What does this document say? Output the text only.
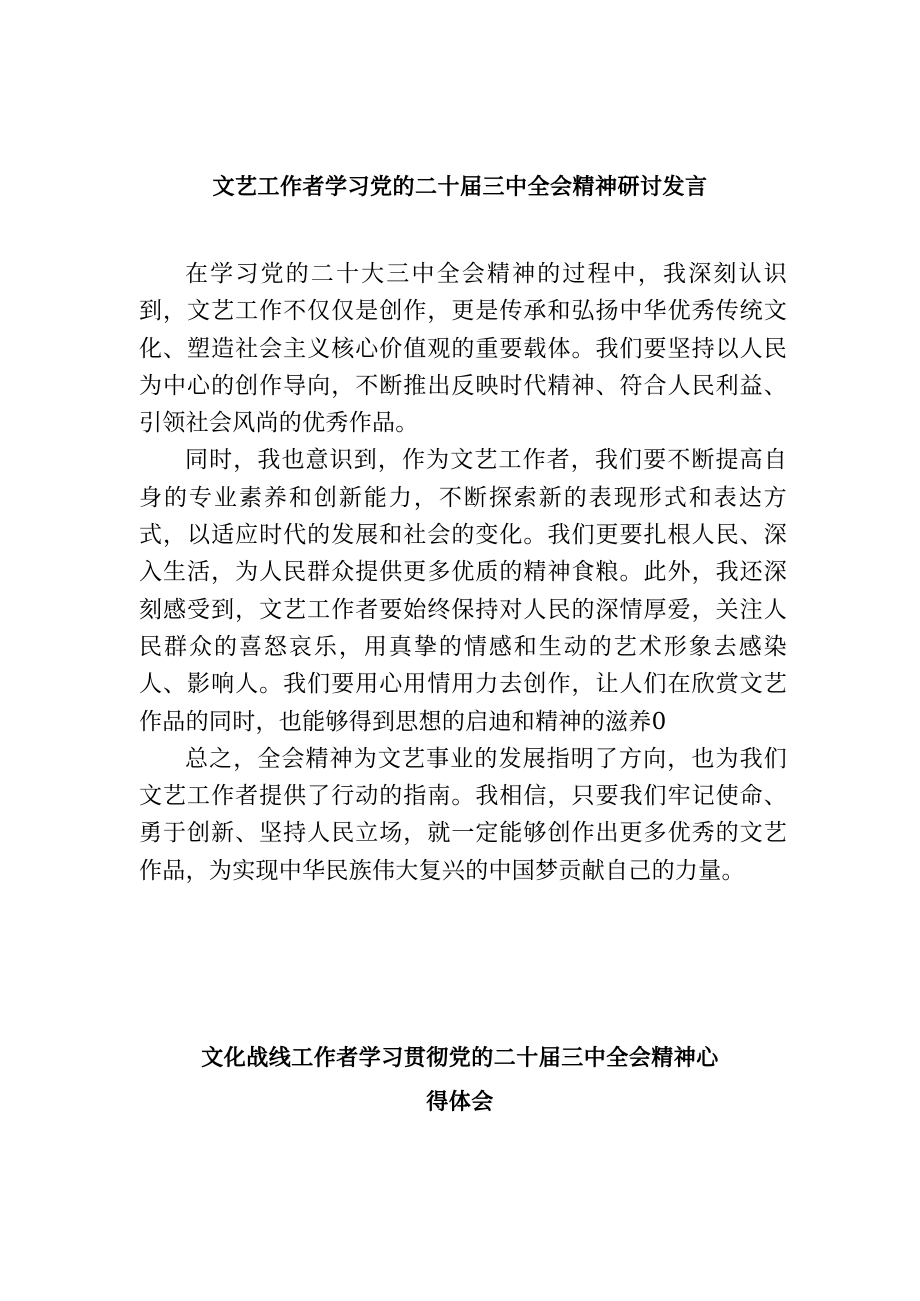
文艺工作者学习党的二十届三中全会精神研讨发言

在学习党的二十大三中全会精神的过程中，我深刻认识到，文艺工作不仅仅是创作，更是传承和弘扬中华优秀传统文化、塑造社会主义核心价值观的重要载体。我们要坚持以人民为中心的创作导向，不断推出反映时代精神、符合人民利益、引领社会风尚的优秀作品。

同时，我也意识到，作为文艺工作者，我们要不断提高自身的专业素养和创新能力，不断探索新的表现形式和表达方式，以适应时代的发展和社会的变化。我们更要扎根人民、深入生活，为人民群众提供更多优质的精神食粮。此外，我还深刻感受到，文艺工作者要始终保持对人民的深情厚爱，关注人民群众的喜怒哀乐，用真挚的情感和生动的艺术形象去感染人、影响人。我们要用心用情用力去创作，让人们在欣赏文艺作品的同时，也能够得到思想的启迪和精神的滋养0

总之，全会精神为文艺事业的发展指明了方向，也为我们文艺工作者提供了行动的指南。我相信，只要我们牢记使命、勇于创新、坚持人民立场，就一定能够创作出更多优秀的文艺作品，为实现中华民族伟大复兴的中国梦贡献自己的力量。

文化战线工作者学习贯彻党的二十届三中全会精神心
得体会
